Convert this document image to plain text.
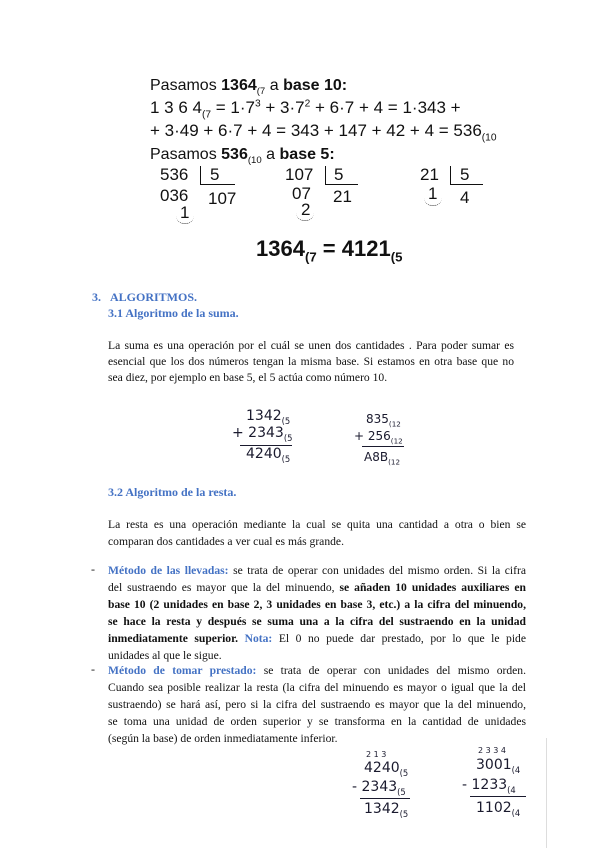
Pasamos $1364_{(7}$ a base 10:
1 3 6 $4_{(7} = 1\cdot 7^3 + 3\cdot 7^2 + 6\cdot 7 + 4 = 1\cdot 343$ +
+ $3\cdot 49 + 6\cdot 7 + 4 = 343 + 147 + 42 + 4 = 536_{(10}$
Pasamos $536_{(10}$ a base 5:
536 5
036 107
1
107 5
07 21
2
21 5
1 4
$1364_{(7} = 4121_{(5}$
3. ALGORITMOS.
3.1 Algoritmo de la suma.
La suma es una operación por el cuál se unen dos cantidades . Para poder sumar es
esencial que los dos números tengan la misma base. Si estamos en otra base que no
sea diez, por ejemplo en base 5, el 5 actúa como número 10.
$1342_{(5}$
+ $2343_{(5}$
$4240_{(5}$
$835_{(12}$
+ $256_{(12}$
$A8B_{(12}$
3.2 Algoritmo de la resta.
La resta es una operación mediante la cual se quita una cantidad a otra o bien se
comparan dos cantidades a ver cual es más grande.
- Método de las llevadas: se trata de operar con unidades del mismo orden. Si la cifra
del sustraendo es mayor que la del minuendo, se añaden 10 unidades auxiliares en
base 10 (2 unidades en base 2, 3 unidades en base 3, etc.) a la cifra del minuendo,
se hace la resta y después se suma una a la cifra del sustraendo en la unidad
inmediatamente superior. Nota: El 0 no puede dar prestado, por lo que le pide
unidades al que le sigue.
- Método de tomar prestado: se trata de operar con unidades del mismo orden.
Cuando sea posible realizar la resta (la cifra del minuendo es mayor o igual que la del
sustraendo) se hará así, pero si la cifra del sustraendo es mayor que la del minuendo,
se toma una unidad de orden superior y se transforma en la cantidad de unidades
(según la base) de orden inmediatamente inferior.
2 1 3
$4240_{(5}$
- $2343_{(5}$
$1342_{(5}$
2 3 3 4
$3001_{(4}$
- $1233_{(4}$
$1102_{(4}$
